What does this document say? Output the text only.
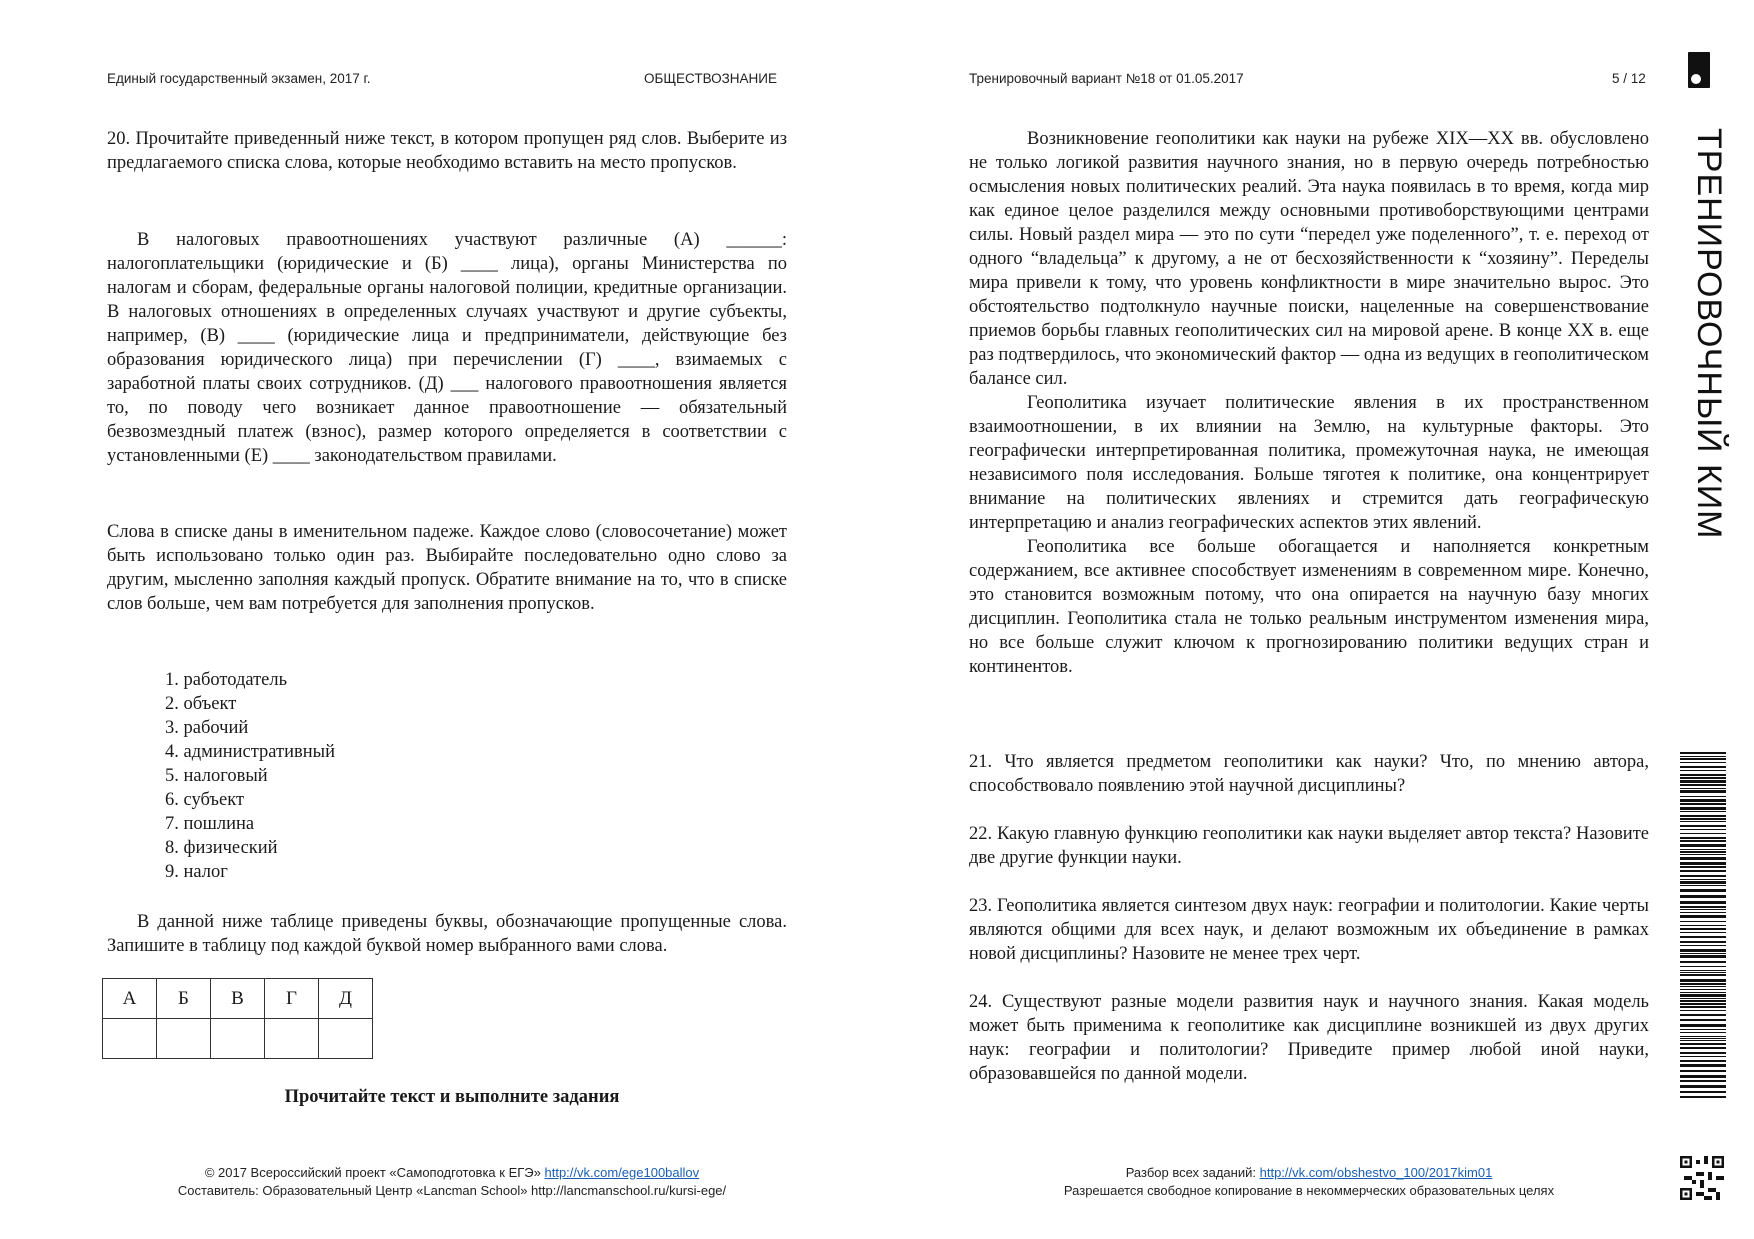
Единый государственный экзамен, 2017 г.	ОБЩЕСТВОЗНАНИЕ	Тренировочный вариант №18 от 01.05.2017	5 / 12

20. Прочитайте приведенный ниже текст, в котором пропущен ряд слов. Выберите из предлагаемого списка слова, которые необходимо вставить на место пропусков.

В налоговых правоотношениях участвуют различные (А) ______: налогоплательщики (юридические и (Б) ____ лица), органы Министерства по налогам и сборам, федеральные органы налоговой полиции, кредитные организации. В налоговых отношениях в определенных случаях участвуют и другие субъекты, например, (В) ____ (юридические лица и предприниматели, действующие без образования юридического лица) при перечислении (Г) ____, взимаемых с заработной платы своих сотрудников. (Д) ___ налогового правоотношения является то, по поводу чего возникает данное правоотношение — обязательный безвозмездный платеж (взнос), размер которого определяется в соответствии с установленными (Е) ____ законодательством правилами.

Слова в списке даны в именительном падеже. Каждое слово (словосочетание) может быть использовано только один раз. Выбирайте последовательно одно слово за другим, мысленно заполняя каждый пропуск. Обратите внимание на то, что в списке слов больше, чем вам потребуется для заполнения пропусков.

1. работодатель
2. объект
3. рабочий
4. административный
5. налоговый
6. субъект
7. пошлина
8. физический
9. налог

В данной ниже таблице приведены буквы, обозначающие пропущенные слова. Запишите в таблицу под каждой буквой номер выбранного вами слова.

А	Б	В	Г	Д

Прочитайте текст и выполните задания

Возникновение геополитики как науки на рубеже XIX—XX вв. обусловлено не только логикой развития научного знания, но в первую очередь потребностью осмысления новых политических реалий. Эта наука появилась в то время, когда мир как единое целое разделился между основными противоборствующими центрами силы. Новый раздел мира — это по сути “передел уже поделенного”, т. е. переход от одного “владельца” к другому, а не от бесхозяйственности к “хозяину”. Переделы мира привели к тому, что уровень конфликтности в мире значительно вырос. Это обстоятельство подтолкнуло научные поиски, нацеленные на совершенствование приемов борьбы главных геополитических сил на мировой арене. В конце XX в. еще раз подтвердилось, что экономический фактор — одна из ведущих в геополитическом балансе сил.

Геополитика изучает политические явления в их пространственном взаимоотношении, в их влиянии на Землю, на культурные факторы. Это географически интерпретированная политика, промежуточная наука, не имеющая независимого поля исследования. Больше тяготея к политике, она концентрирует внимание на политических явлениях и стремится дать географическую интерпретацию и анализ географических аспектов этих явлений.

Геополитика все больше обогащается и наполняется конкретным содержанием, все активнее способствует изменениям в современном мире. Конечно, это становится возможным потому, что она опирается на научную базу многих дисциплин. Геополитика стала не только реальным инструментом изменения мира, но все больше служит ключом к прогнозированию политики ведущих стран и континентов.

21. Что является предметом геополитики как науки? Что, по мнению автора, способствовало появлению этой научной дисциплины?

22. Какую главную функцию геополитики как науки выделяет автор текста? Назовите две другие функции науки.

23. Геополитика является синтезом двух наук: географии и политологии. Какие черты являются общими для всех наук, и делают возможным их объединение в рамках новой дисциплины? Назовите не менее трех черт.

24. Существуют разные модели развития наук и научного знания. Какая модель может быть применима к геополитике как дисциплине возникшей из двух других наук: географии и политологии? Приведите пример любой иной науки, образовавшейся по данной модели.

ТРЕНИРОВОЧНЫЙ КИМ
© 2017 Всероссийский проект «Самоподготовка к ЕГЭ» http://vk.com/ege100ballov
Составитель: Образовательный Центр «Lancman School» http://lancmanschool.ru/kursi-ege/
Разбор всех заданий: http://vk.com/obshestvo_100/2017kim01
Разрешается свободное копирование в некоммерческих образовательных целях
